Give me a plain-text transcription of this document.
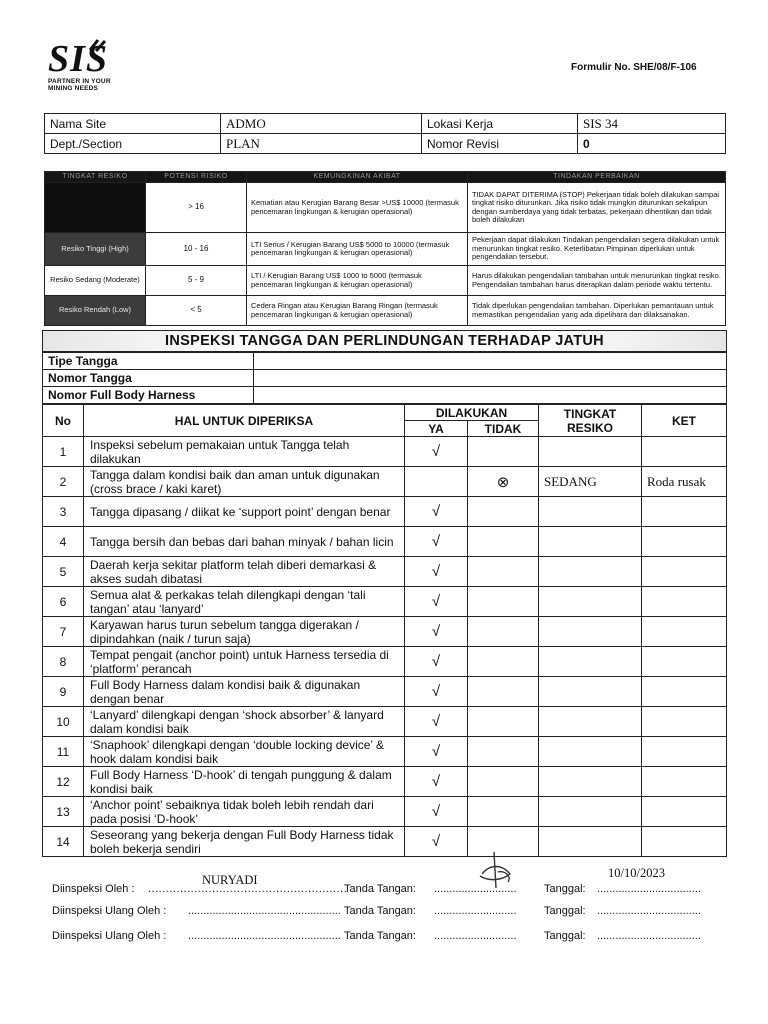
SIS
PARTNER IN YOUR
MINING NEEDS
Formulir No. SHE/08/F-106
Nama Site	ADMO	Lokasi Kerja	SIS 34
Dept./Section	PLAN	Nomor Revisi	0
TINGKAT RESIKO	POTENSI RISIKO	KEMUNGKINAN AKIBAT	TINDAKAN PERBAIKAN
	> 16	Kematian atau Kerugian Barang Besar >US$ 10000 (termasuk pencemaran lingkungan & kerugian operasional)	TIDAK DAPAT DITERIMA (STOP) Pekerjaan tidak boleh dilakukan sampai tingkat risiko diturunkan. Jika risiko tidak mungkin diturunkan sekalipun dengan sumberdaya yang tidak terbatas, pekerjaan dihentikan dan tidak boleh dilakukan
Resiko Tinggi (High)	10 - 16	LTI Serius / Kerugian Barang US$ 5000 to 10000 (termasuk pencemaran lingkungan & kerugian operasional)	Pekerjaan dapat dilakukan Tindakan pengendalian segera dilakukan untuk menurunkan tingkat resiko. Keterlibatan Pimpinan diperlukan untuk pengendalian tersebut.
Resiko Sedang (Moderate)	5 - 9	LTI / Kerugian Barang US$ 1000 to 5000 (termasuk pencemaran lingkungan & kerugian operasional)	Harus dilakukan pengendalian tambahan untuk menurunkan tingkat resiko. Pengendalian tambahan harus diterapkan dalam periode waktu tertentu.
Resiko Rendah (Low)	< 5	Cedera Ringan atau Kerugian Barang Ringan (termasuk pencemaran lingkungan & kerugian operasional)	Tidak diperlukan pengendalian tambahan. Diperlukan pemantauan untuk memastikan pengendalian yang ada dipelihara dan dilaksanakan.
INSPEKSI TANGGA DAN PERLINDUNGAN TERHADAP JATUH
Tipe Tangga	
Nomor Tangga	
Nomor Full Body Harness	
No	HAL UNTUK DIPERIKSA	DILAKUKAN		TINGKAT RESIKO	KET
		YA	TIDAK		
1	Inspeksi sebelum pemakaian untuk Tangga telah dilakukan	√			
2	Tangga dalam kondisi baik dan aman untuk digunakan (cross brace / kaki karet)		⊗	SEDANG	Roda rusak
3	Tangga dipasang / diikat ke ‘support point’ dengan benar	√			
4	Tangga bersih dan bebas dari bahan minyak / bahan licin	√			
5	Daerah kerja sekitar platform telah diberi demarkasi & akses sudah dibatasi	√			
6	Semua alat & perkakas telah dilengkapi dengan ‘tali tangan’ atau ‘lanyard’	√			
7	Karyawan harus turun sebelum tangga digerakan / dipindahkan (naik / turun saja)	√			
8	Tempat pengait (anchor point) untuk Harness tersedia di ‘platform’ perancah	√			
9	Full Body Harness dalam kondisi baik & digunakan dengan benar	√			
10	‘Lanyard’ dilengkapi dengan ‘shock absorber’ & lanyard dalam kondisi baik	√			
11	‘Snaphook’ dilengkapi dengan ‘double locking device’ & hook dalam kondisi baik	√			
12	Full Body Harness ‘D-hook’ di tengah punggung & dalam kondisi baik	√			
13	‘Anchor point’ sebaiknya tidak boleh lebih rendah dari pada posisi ‘D-hook’	√			
14	Seseorang yang bekerja dengan Full Body Harness tidak boleh bekerja sendiri	√			
Diinspeksi Oleh : ........................................................
NURYADI
Tanda Tangan: ........................... Tanggal: ..................................
10/10/2023
Diinspeksi Ulang Oleh : .................................................. Tanda Tangan: ........................... Tanggal: ..................................
Diinspeksi Ulang Oleh : .................................................. Tanda Tangan: ........................... Tanggal: ..................................
